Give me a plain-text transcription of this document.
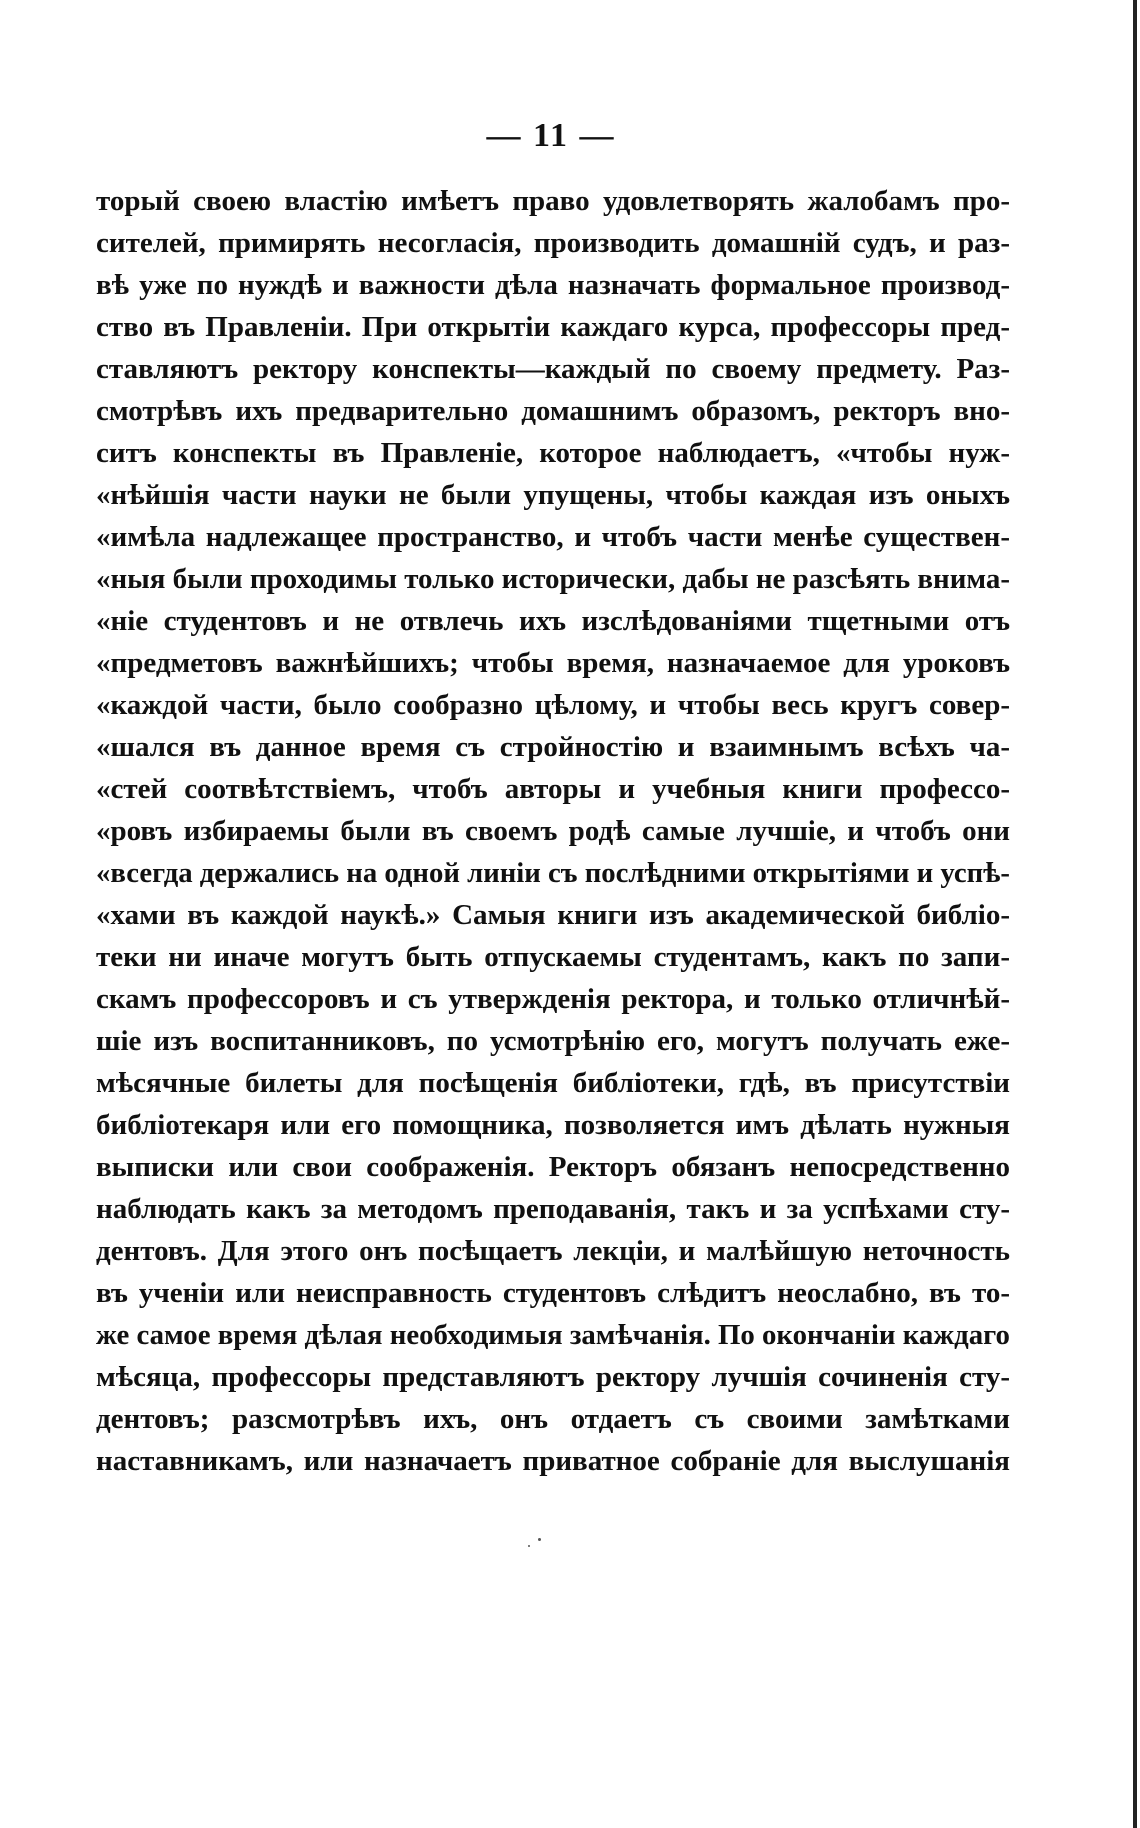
— 11 —
торый своею властію имѣетъ право удовлетворять жалобамъ про-
сителей, примирять несогласія, производить домашній судъ, и раз-
вѣ уже по нуждѣ и важности дѣла назначать формальное производ-
ство въ Правленіи. При открытіи каждаго курса, профессоры пред-
ставляютъ ректору конспекты—каждый по своему предмету. Раз-
смотрѣвъ ихъ предварительно домашнимъ образомъ, ректоръ вно-
ситъ конспекты въ Правленіе, которое наблюдаетъ, «чтобы нуж-
«нѣйшія части науки не были упущены, чтобы каждая изъ оныхъ
«имѣла надлежащее пространство, и чтобъ части менѣе существен-
«ныя были проходимы только исторически, дабы не разсѣять внима-
«ніе студентовъ и не отвлечь ихъ изслѣдованіями тщетными отъ
«предметовъ важнѣйшихъ; чтобы время, назначаемое для уроковъ
«каждой части, было сообразно цѣлому, и чтобы весь кругъ совер-
«шался въ данное время съ стройностію и взаимнымъ всѣхъ ча-
«стей соотвѣтствіемъ, чтобъ авторы и учебныя книги профессо-
«ровъ избираемы были въ своемъ родѣ самые лучшіе, и чтобъ они
«всегда держались на одной линіи съ послѣдними открытіями и успѣ-
«хами въ каждой наукѣ.» Самыя книги изъ академической библіо-
теки ни иначе могутъ быть отпускаемы студентамъ, какъ по запи-
скамъ профессоровъ и съ утвержденія ректора, и только отличнѣй-
шіе изъ воспитанниковъ, по усмотрѣнію его, могутъ получать еже-
мѣсячные билеты для посѣщенія библіотеки, гдѣ, въ присутствіи
библіотекаря или его помощника, позволяется имъ дѣлать нужныя
выписки или свои соображенія. Ректоръ обязанъ непосредственно
наблюдать какъ за методомъ преподаванія, такъ и за успѣхами сту-
дентовъ. Для этого онъ посѣщаетъ лекціи, и малѣйшую неточность
въ ученіи или неисправность студентовъ слѣдитъ неослабно, въ то-
же самое время дѣлая необходимыя замѣчанія. По окончаніи каждаго
мѣсяца, профессоры представляютъ ректору лучшія сочиненія сту-
дентовъ; разсмотрѣвъ ихъ, онъ отдаетъ съ своими замѣтками
наставникамъ, или назначаетъ приватное собраніе для выслушанія
